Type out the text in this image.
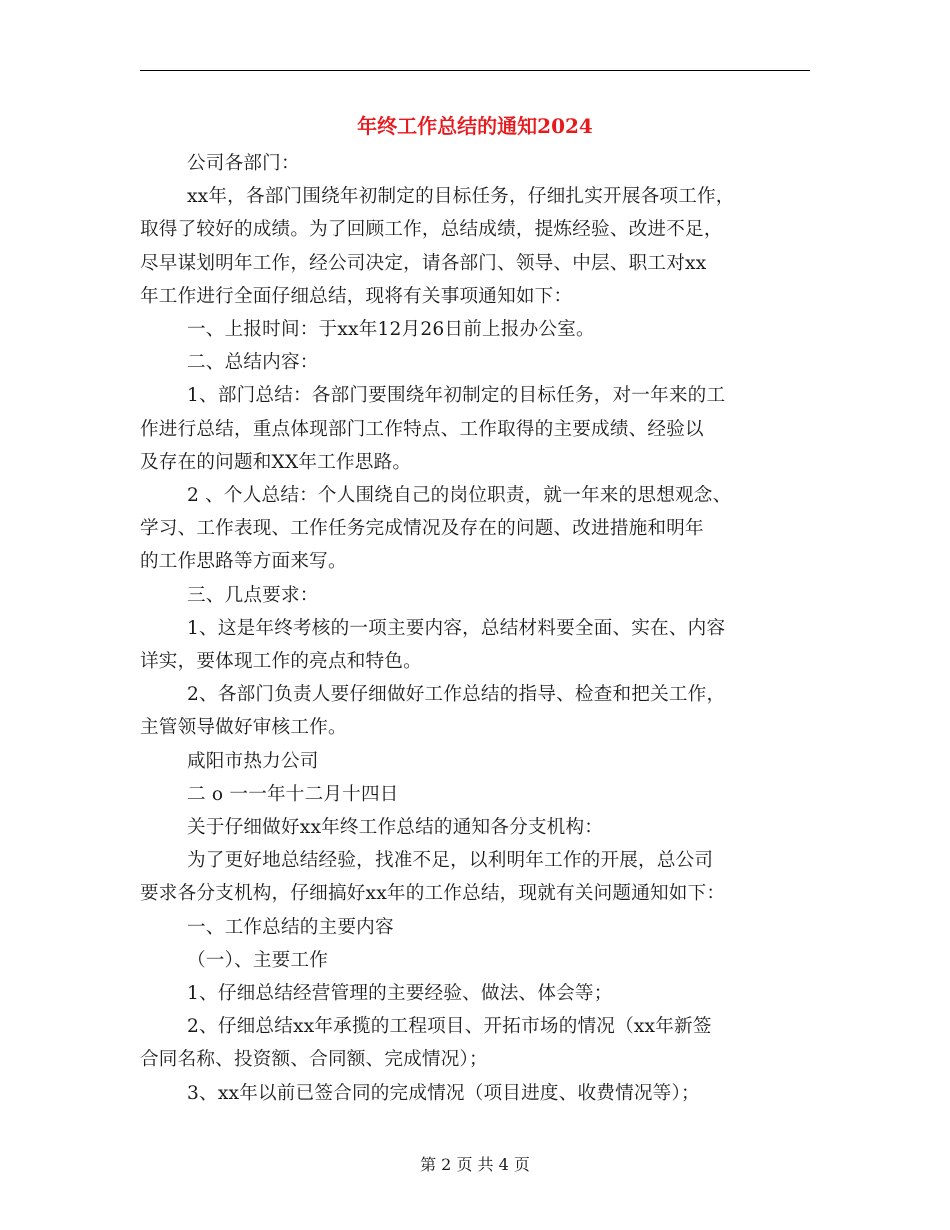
年终工作总结的通知2024

公司各部门：
xx年，各部门围绕年初制定的目标任务，仔细扎实开展各项工作，
取得了较好的成绩。为了回顾工作，总结成绩，提炼经验、改进不足，
尽早谋划明年工作，经公司决定，请各部门、领导、中层、职工对xx
年工作进行全面仔细总结，现将有关事项通知如下：
一、上报时间：于xx年12月26日前上报办公室。
二、总结内容：
1、部门总结：各部门要围绕年初制定的目标任务，对一年来的工
作进行总结，重点体现部门工作特点、工作取得的主要成绩、经验以
及存在的问题和XX年工作思路。
2 、个人总结：个人围绕自己的岗位职责，就一年来的思想观念、
学习、工作表现、工作任务完成情况及存在的问题、改进措施和明年
的工作思路等方面来写。
三、几点要求：
1、这是年终考核的一项主要内容，总结材料要全面、实在、内容
详实，要体现工作的亮点和特色。
2、各部门负责人要仔细做好工作总结的指导、检查和把关工作，
主管领导做好审核工作。
咸阳市热力公司
二 o 一一年十二月十四日
关于仔细做好xx年终工作总结的通知各分支机构：
为了更好地总结经验，找准不足，以利明年工作的开展，总公司
要求各分支机构，仔细搞好xx年的工作总结，现就有关问题通知如下：
一、工作总结的主要内容
（一）、主要工作
1、仔细总结经营管理的主要经验、做法、体会等；
2、仔细总结xx年承揽的工程项目、开拓市场的情况（xx年新签
合同名称、投资额、合同额、完成情况）；
3、xx年以前已签合同的完成情况（项目进度、收费情况等）；

第 2 页 共 4 页
